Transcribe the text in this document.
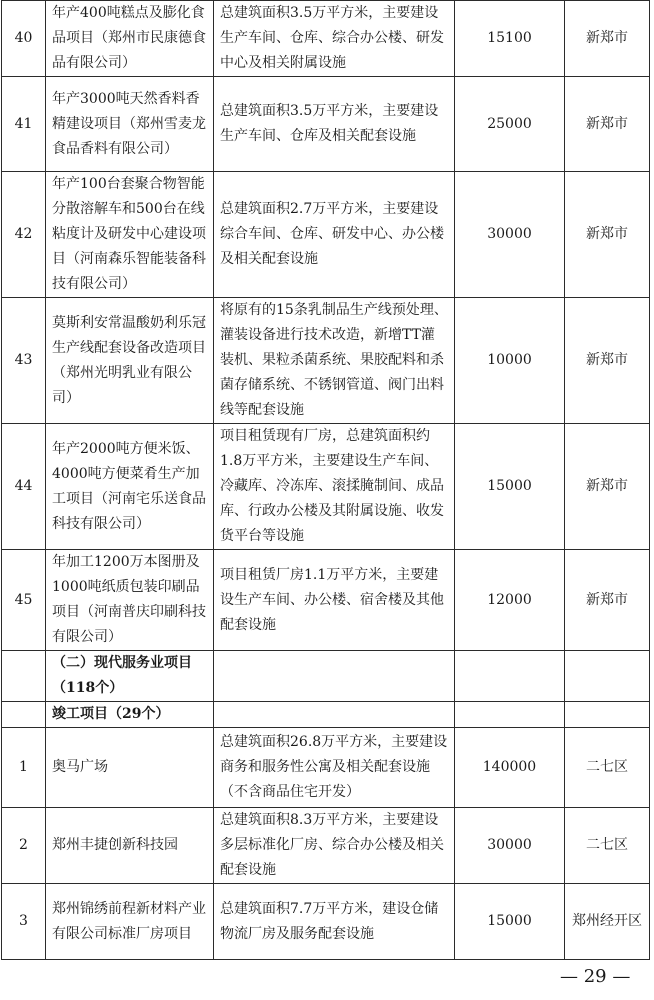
40	年产400吨糕点及膨化食品项目（郑州市民康德食品有限公司）	总建筑面积3.5万平方米，主要建设生产车间、仓库、综合办公楼、研发中心及相关附属设施	15100	新郑市
41	年产3000吨天然香料香精建设项目（郑州雪麦龙食品香料有限公司）	总建筑面积3.5万平方米，主要建设生产车间、仓库及相关配套设施	25000	新郑市
42	年产100台套聚合物智能分散溶解车和500台在线粘度计及研发中心建设项目（河南森乐智能装备科技有限公司）	总建筑面积2.7万平方米，主要建设综合车间、仓库、研发中心、办公楼及相关配套设施	30000	新郑市
43	莫斯利安常温酸奶利乐冠生产线配套设备改造项目（郑州光明乳业有限公司）	将原有的15条乳制品生产线预处理、灌装设备进行技术改造，新增TT灌装机、果粒杀菌系统、果胶配料和杀菌存储系统、不锈钢管道、阀门出料线等配套设施	10000	新郑市
44	年产2000吨方便米饭、4000吨方便菜肴生产加工项目（河南宅乐送食品科技有限公司）	项目租赁现有厂房，总建筑面积约1.8万平方米，主要建设生产车间、冷藏库、冷冻库、滚揉腌制间、成品库、行政办公楼及其附属设施、收发货平台等设施	15000	新郑市
45	年加工1200万本图册及1000吨纸质包装印刷品项目（河南普庆印刷科技有限公司）	项目租赁厂房1.1万平方米，主要建设生产车间、办公楼、宿舍楼及其他配套设施	12000	新郑市
	（二）现代服务业项目（118个）			
	竣工项目（29个）			
1	奥马广场	总建筑面积26.8万平方米，主要建设商务和服务性公寓及相关配套设施（不含商品住宅开发）	140000	二七区
2	郑州丰捷创新科技园	总建筑面积8.3万平方米，主要建设多层标准化厂房、综合办公楼及相关配套设施	30000	二七区
3	郑州锦绣前程新材料产业有限公司标准厂房项目	总建筑面积7.7万平方米，建设仓储物流厂房及服务配套设施	15000	郑州经开区
— 29 —
